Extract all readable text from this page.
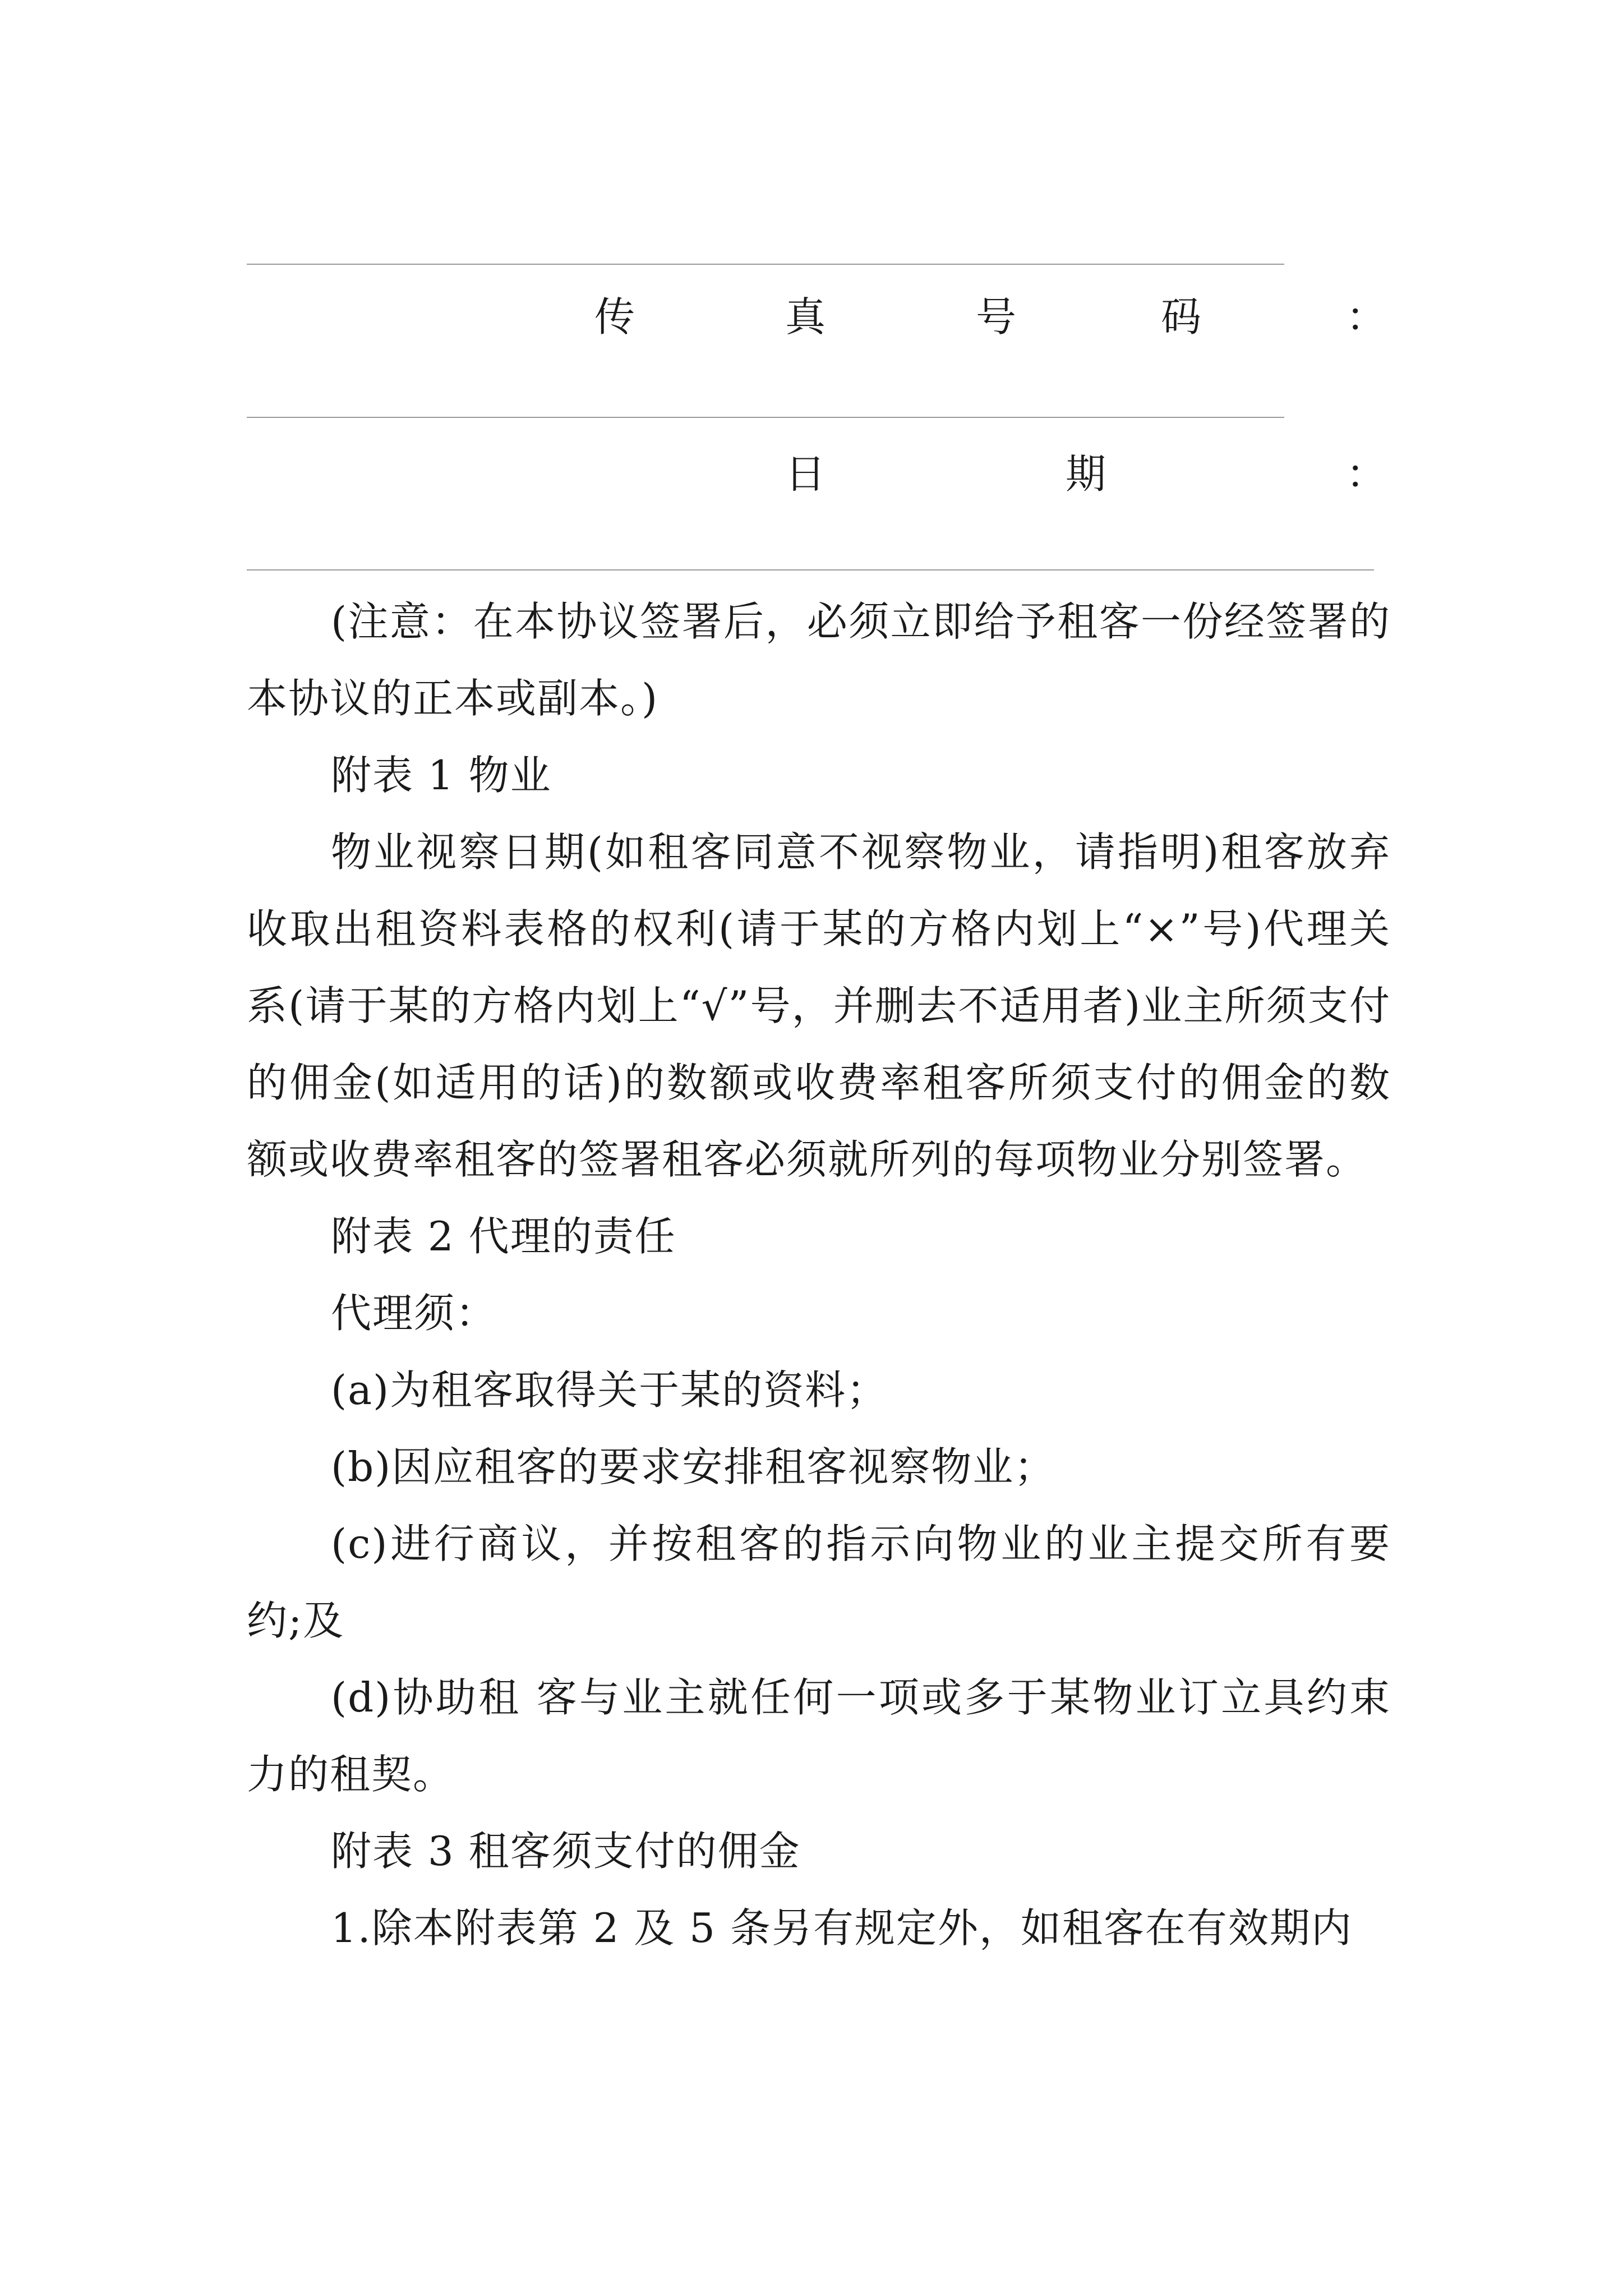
传	真	号	码	：
日	期	：

(注意：在本协议签署后，必须立即给予租客一份经签署的本协议的正本或副本。)

附表 1 物业

物业视察日期(如租客同意不视察物业，请指明)租客放弃收取出租资料表格的权利(请于某的方格内划上“×”号)代理关系(请于某的方格内划上“√”号，并删去不适用者)业主所须支付的佣金(如适用的话)的数额或收费率租客所须支付的佣金的数额或收费率租客的签署租客必须就所列的每项物业分别签署。

附表 2 代理的责任

代理须：

(a)为租客取得关于某的资料；

(b)因应租客的要求安排租客视察物业；

(c)进行商议，并按租客的指示向物业的业主提交所有要约;及

(d)协助租 客与业主就任何一项或多于某物业订立具约束力的租契。

附表 3 租客须支付的佣金

1.除本附表第 2 及 5 条另有规定外，如租客在有效期内
